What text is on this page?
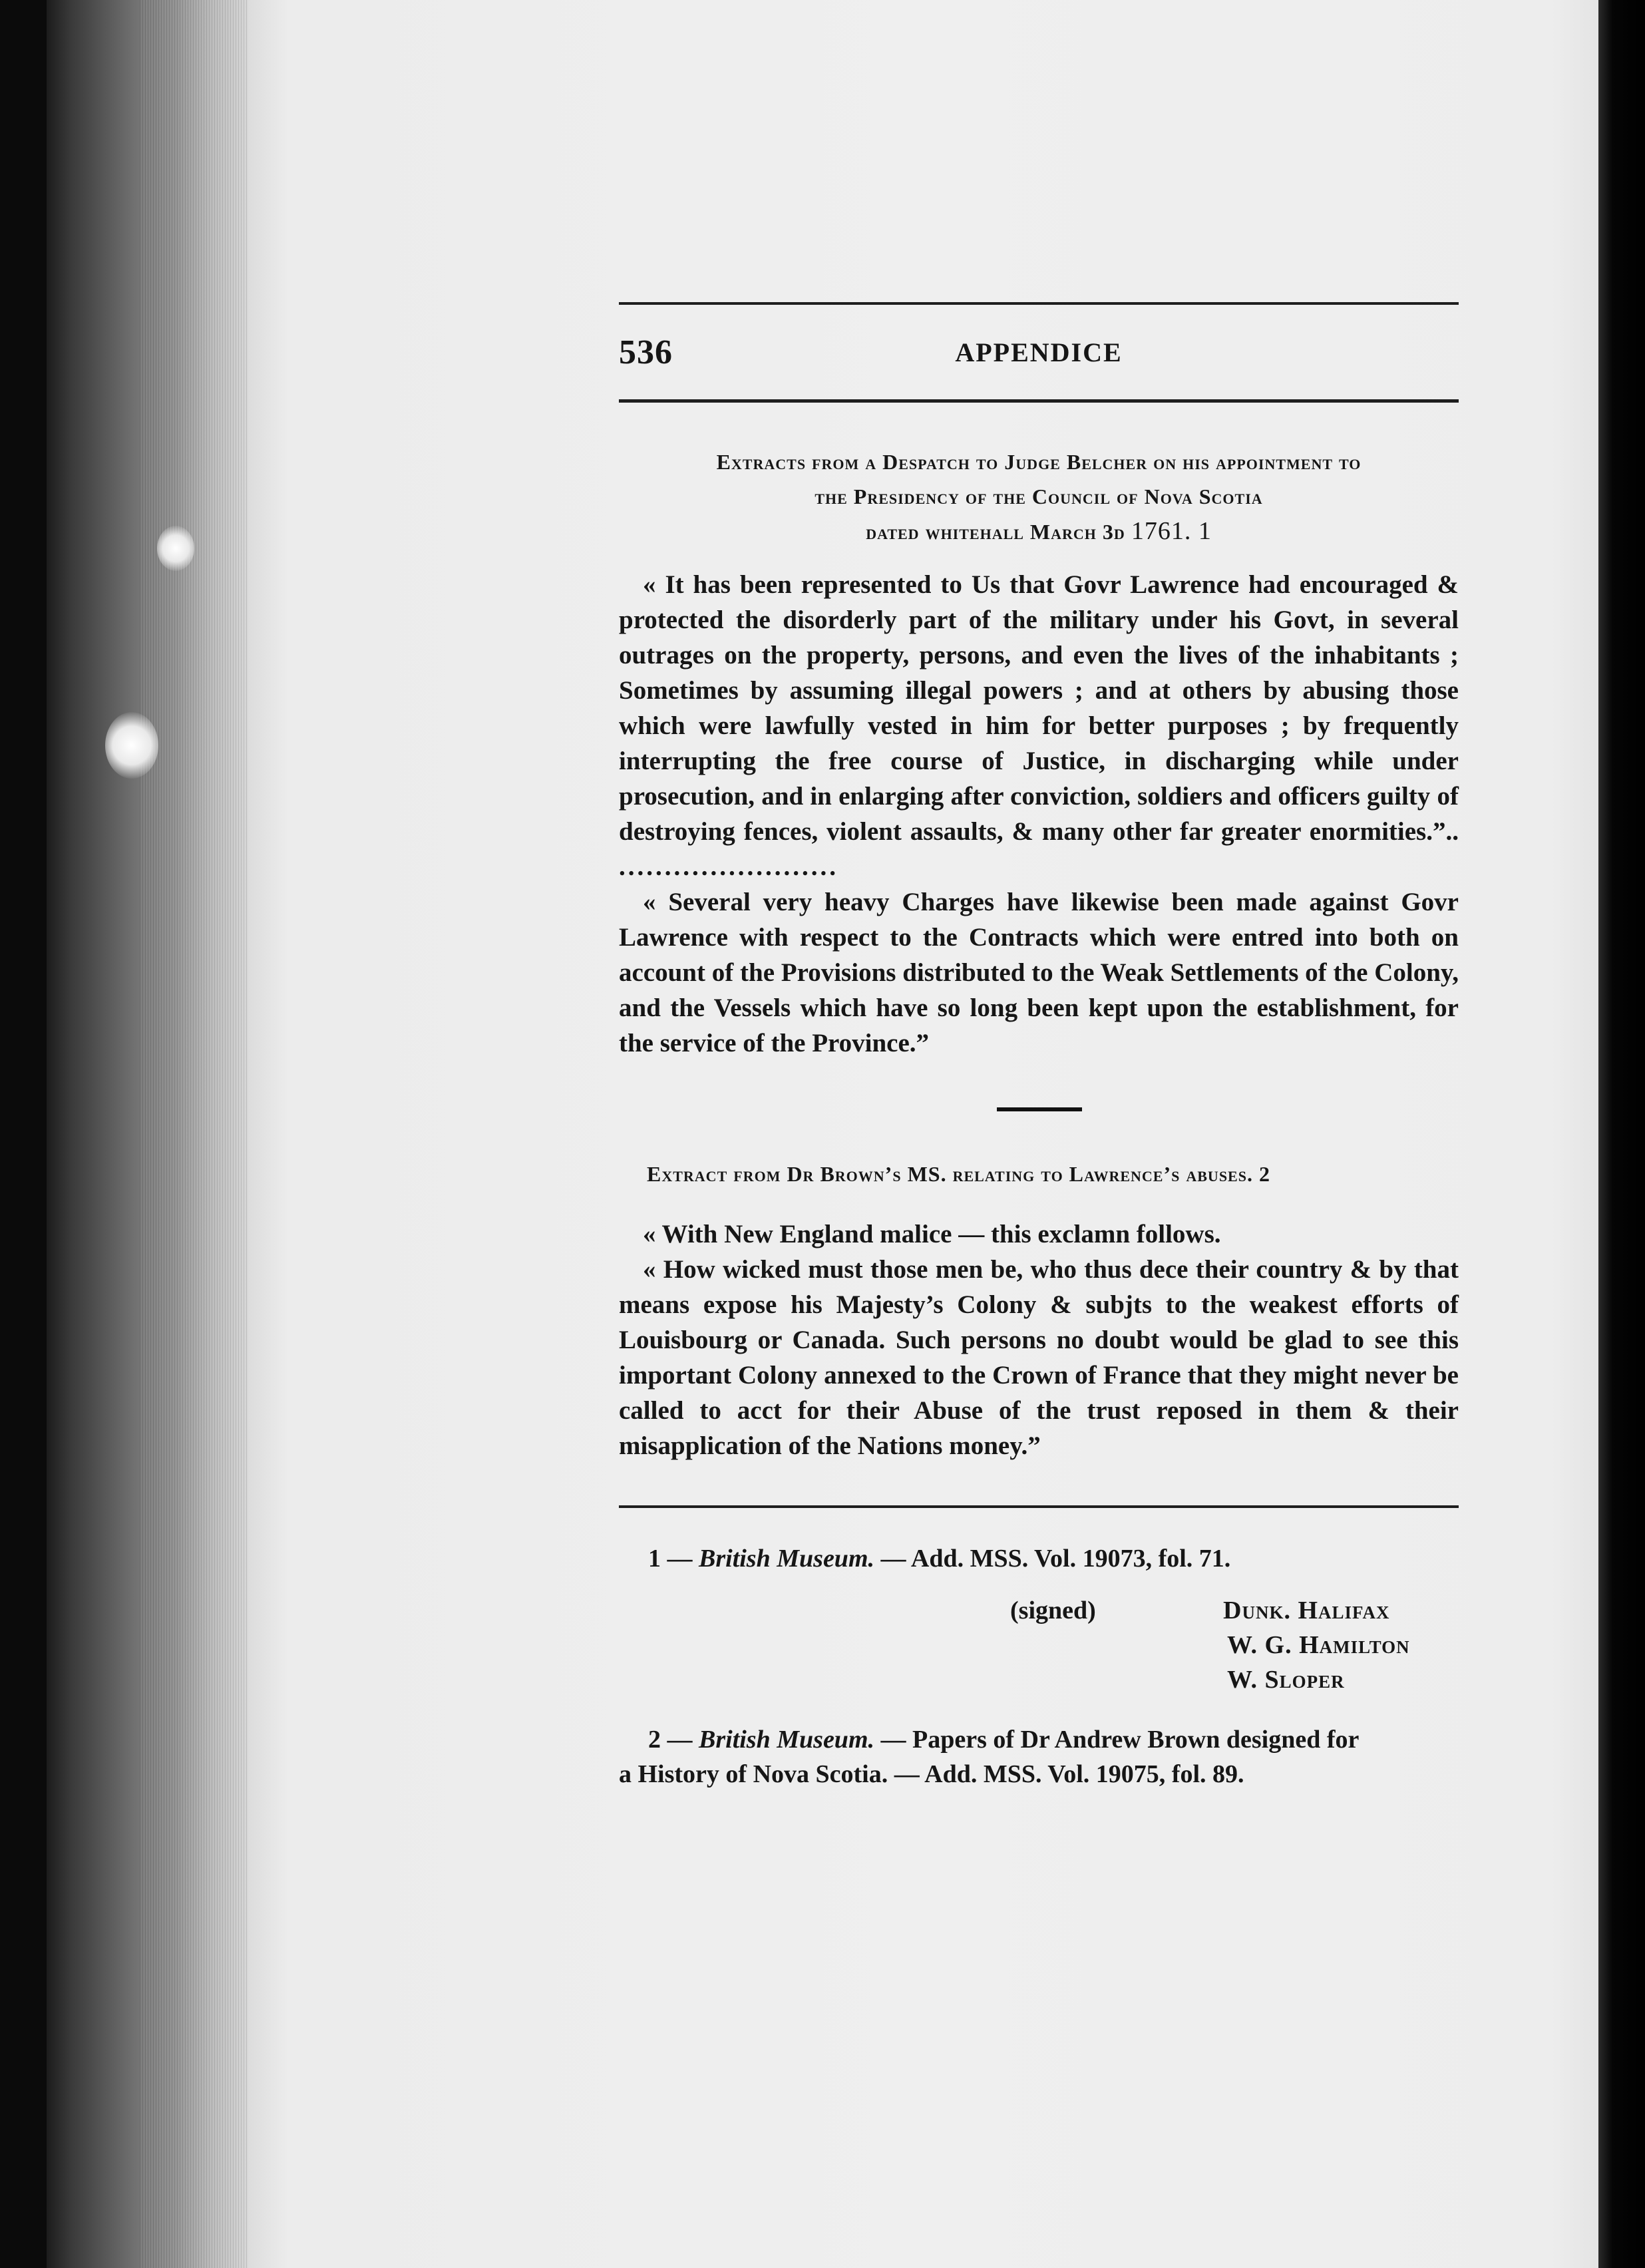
536	APPENDICE

Extracts from a Despatch to Judge Belcher on his appointment to

the Presidency of the Council of Nova Scotia

dated whitehall March 3d 1761. 1

« It has been represented to Us that Govr Lawrence had encouraged & protected the disorderly part of the military under his Govt, in several outrages on the property, persons, and even the lives of the inhabitants ; Sometimes by assuming illegal powers ; and at others by abusing those which were lawfully vested in him for better purposes ; by frequently interrupting the free course of Justice, in discharging while under prosecution, and in enlarging after conviction, soldiers and officers guilty of destroying fences, violent assaults, & many other far greater enormities.”.. ........................

« Several very heavy Charges have likewise been made against Govr Lawrence with respect to the Contracts which were entred into both on account of the Provisions distributed to the Weak Settlements of the Colony, and the Vessels which have so long been kept upon the establishment, for the service of the Province.”

Extract from Dr Brown’s MS. relating to Lawrence’s abuses. 2

« With New England malice — this exclamn follows.

« How wicked must those men be, who thus dece their country & by that means expose his Majesty’s Colony & subjts to the weakest efforts of Louisbourg or Canada. Such persons no doubt would be glad to see this important Colony annexed to the Crown of France that they might never be called to acct for their Abuse of the trust reposed in them & their misapplication of the Nations money.”

1 — British Museum. — Add. MSS. Vol. 19073, fol. 71.

(signed)	Dunk. Halifax
W. G. Hamilton
W. Sloper

2 — British Museum. — Papers of Dr Andrew Brown designed for

a History of Nova Scotia. — Add. MSS. Vol. 19075, fol. 89.
